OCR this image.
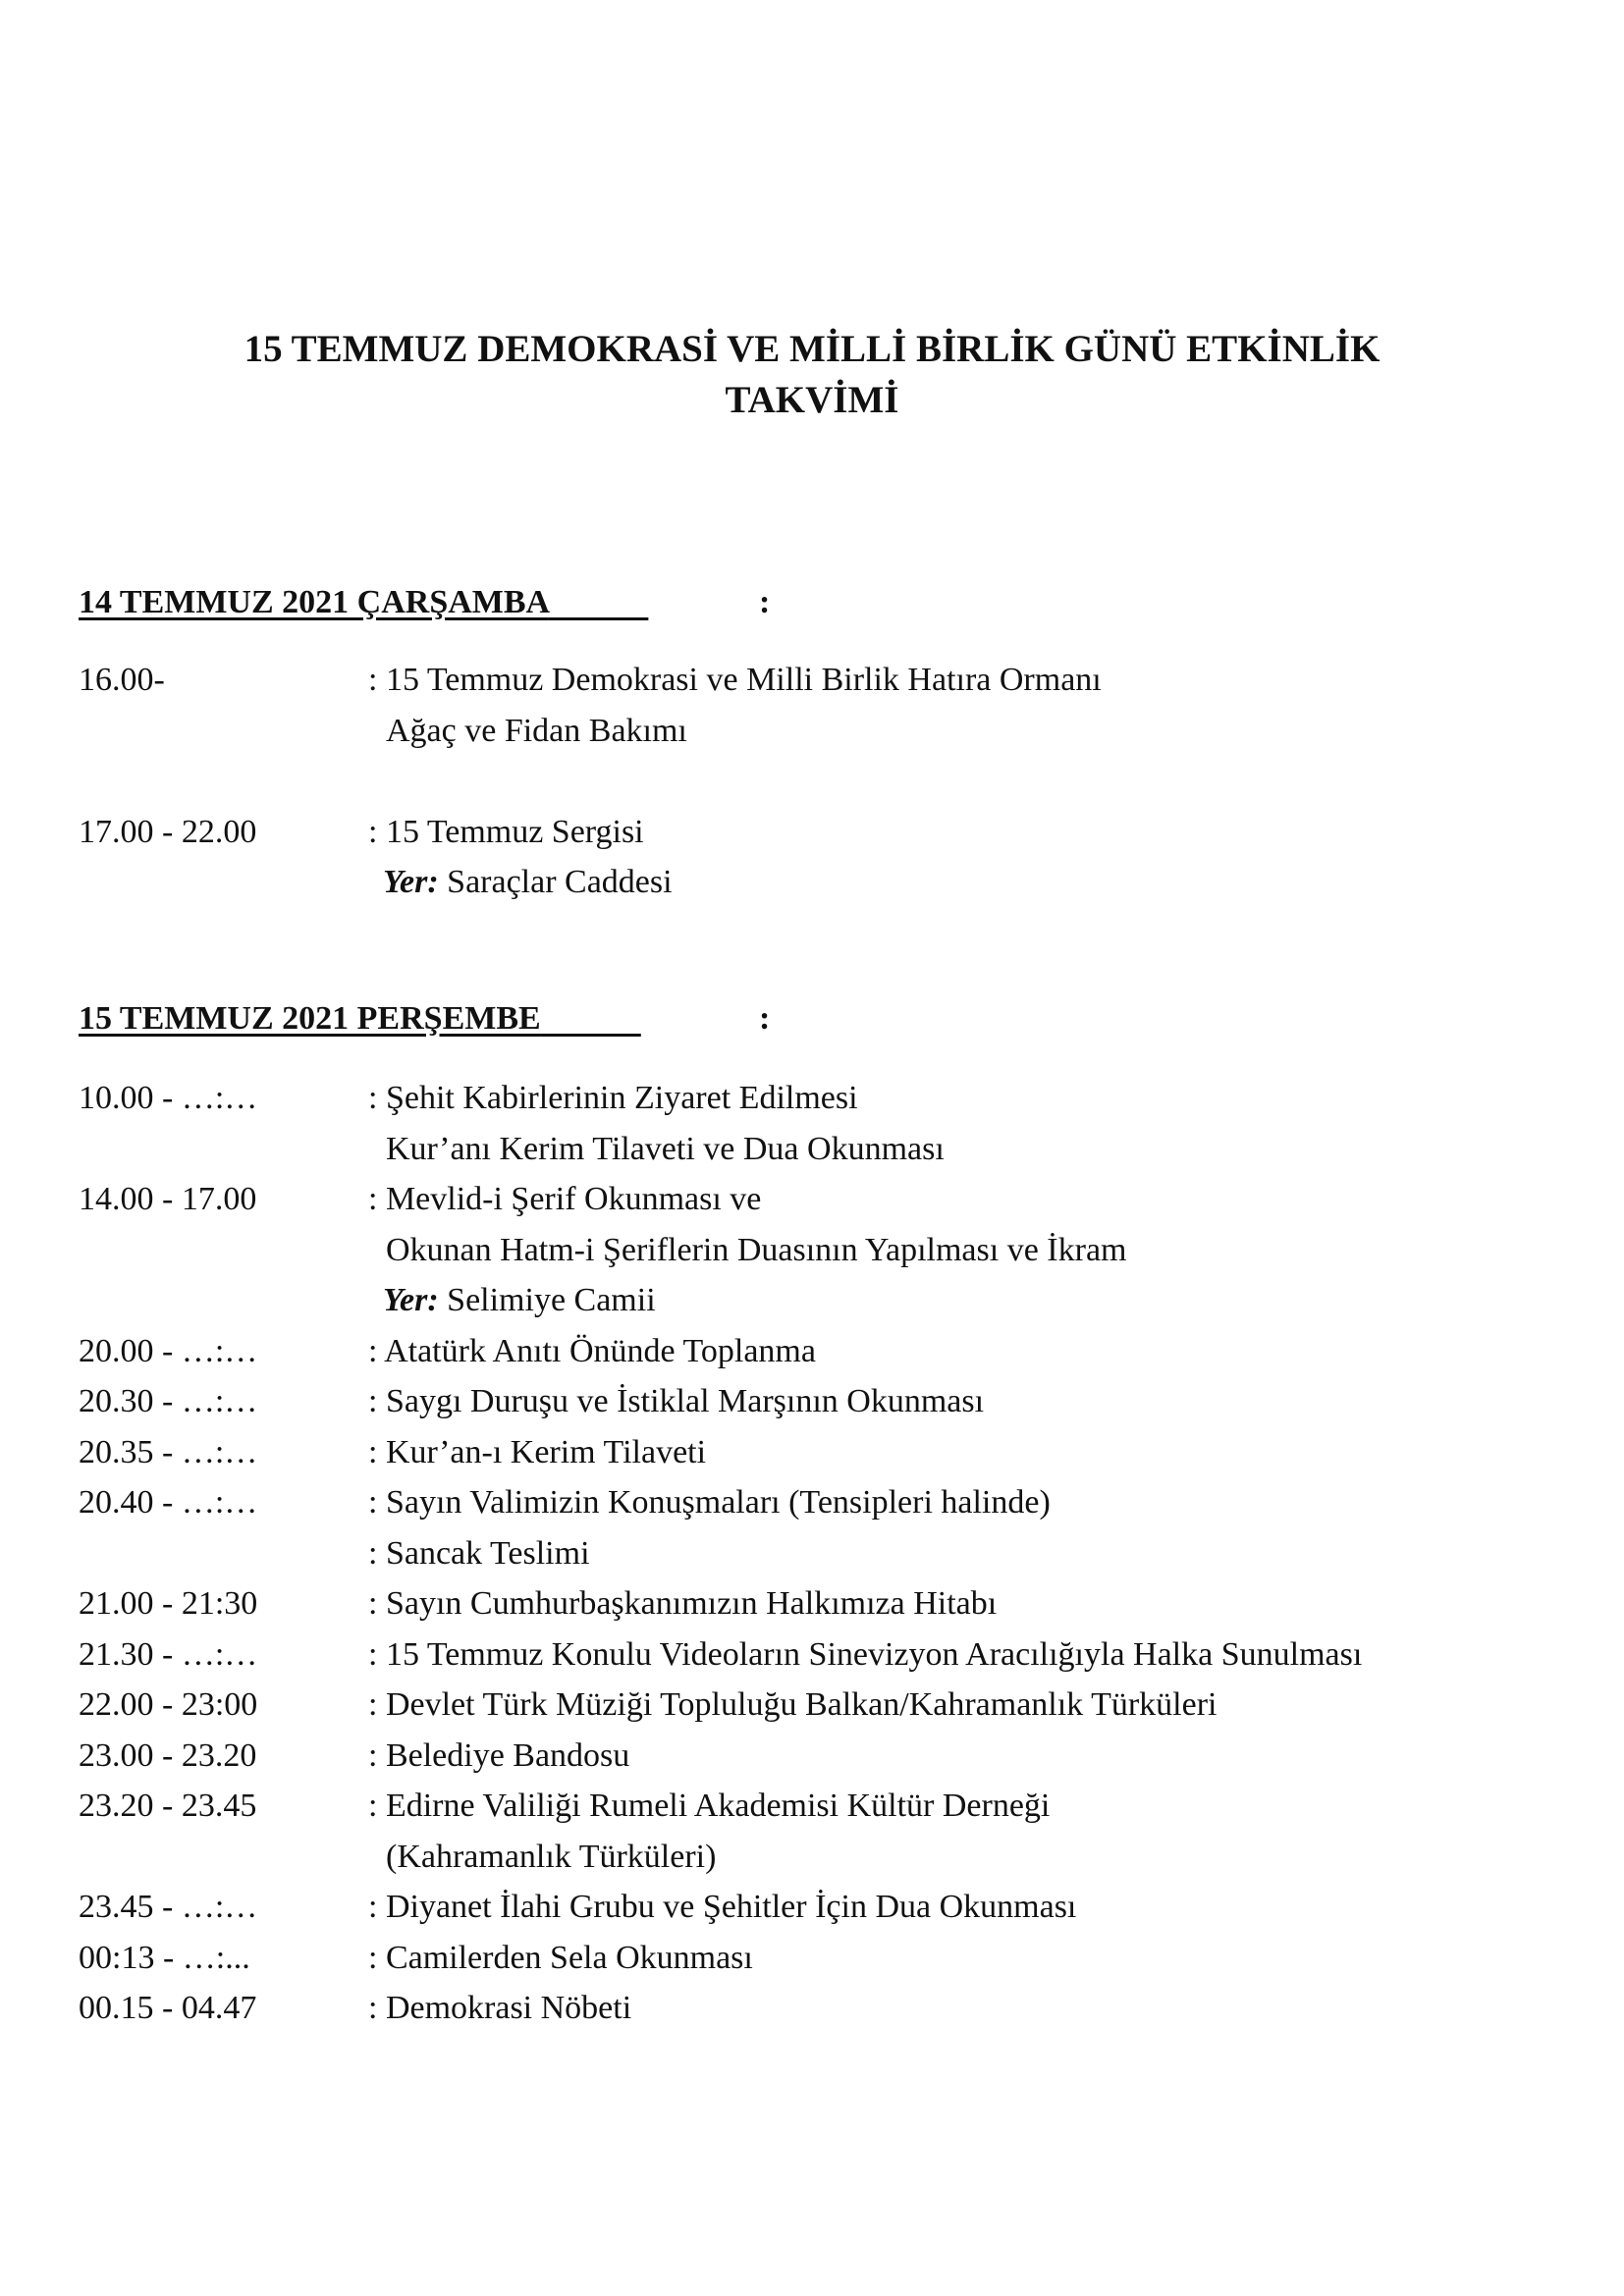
15 TEMMUZ DEMOKRASİ VE MİLLİ BİRLİK GÜNÜ ETKİNLİK
TAKVİMİ
14 TEMMUZ 2021 ÇARŞAMBA	:
16.00-	: 15 Temmuz Demokrasi ve Milli Birlik Hatıra Ormanı
Ağaç ve Fidan Bakımı
17.00 - 22.00	: 15 Temmuz Sergisi
Yer: Saraçlar Caddesi
15 TEMMUZ 2021 PERŞEMBE	:
10.00 - …:…	: Şehit Kabirlerinin Ziyaret Edilmesi
Kur’anı Kerim Tilaveti ve Dua Okunması
14.00 - 17.00	: Mevlid-i Şerif Okunması ve
Okunan Hatm-i Şeriflerin Duasının Yapılması ve İkram
Yer: Selimiye Camii
20.00 - …:…	: Atatürk Anıtı Önünde Toplanma
20.30 - …:…	: Saygı Duruşu ve İstiklal Marşının Okunması
20.35 - …:…	: Kur’an-ı Kerim Tilaveti
20.40 - …:…	: Sayın Valimizin Konuşmaları (Tensipleri halinde)
: Sancak Teslimi
21.00 - 21:30	: Sayın Cumhurbaşkanımızın Halkımıza Hitabı
21.30 - …:…	: 15 Temmuz Konulu Videoların Sinevizyon Aracılığıyla Halka Sunulması
22.00 - 23:00	: Devlet Türk Müziği Topluluğu Balkan/Kahramanlık Türküleri
23.00 - 23.20	: Belediye Bandosu
23.20 - 23.45	: Edirne Valiliği Rumeli Akademisi Kültür Derneği
(Kahramanlık Türküleri)
23.45 - …:…	: Diyanet İlahi Grubu ve Şehitler İçin Dua Okunması
00:13 - …:...	: Camilerden Sela Okunması
00.15 - 04.47	: Demokrasi Nöbeti
